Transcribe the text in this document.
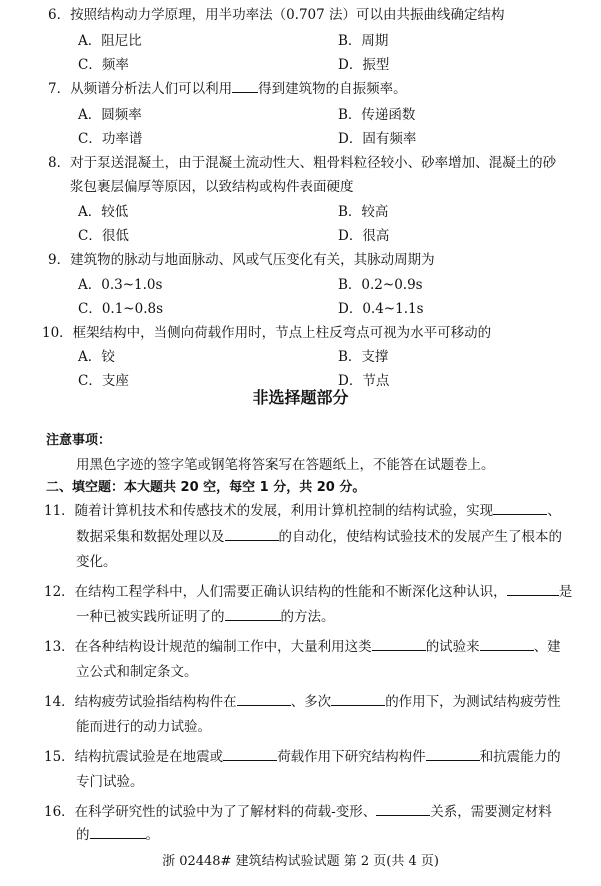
6．按照结构动力学原理，用半功率法（0.707 法）可以由共振曲线确定结构
A．阻尼比	B．周期
C．频率	D．振型
7．从频谱分析法人们可以利用 得到建筑物的自振频率。
A．圆频率	B．传递函数
C．功率谱	D．固有频率
8．对于泵送混凝土，由于混凝土流动性大、粗骨料粒径较小、砂率增加、混凝土的砂
浆包裹层偏厚等原因，以致结构或构件表面硬度
A．较低	B．较高
C．很低	D．很高
9．建筑物的脉动与地面脉动、风或气压变化有关，其脉动周期为
A．0.3~1.0s	B．0.2~0.9s
C．0.1~0.8s	D．0.4~1.1s
10．框架结构中，当侧向荷载作用时，节点上柱反弯点可视为水平可移动的
A．铰	B．支撑
C．支座	D．节点
非选择题部分
注意事项：
用黑色字迹的签字笔或钢笔将答案写在答题纸上，不能答在试题卷上。
二、填空题：本大题共 20 空，每空 1 分，共 20 分。
11．随着计算机技术和传感技术的发展，利用计算机控制的结构试验，实现	、
数据采集和数据处理以及	的自动化，使结构试验技术的发展产生了根本的
变化。
12．在结构工程学科中，人们需要正确认识结构的性能和不断深化这种认识，	是
一种已被实践所证明了的	的方法。
13．在各种结构设计规范的编制工作中，大量利用这类	的试验来	、建
立公式和制定条文。
14．结构疲劳试验指结构构件在	、多次	的作用下，为测试结构疲劳性
能而进行的动力试验。
15．结构抗震试验是在地震或	荷载作用下研究结构构件	和抗震能力的
专门试验。
16．在科学研究性的试验中为了了解材料的荷载-变形、	关系，需要测定材料
的	。
浙 02448# 建筑结构试验试题 第 2 页(共 4 页)
